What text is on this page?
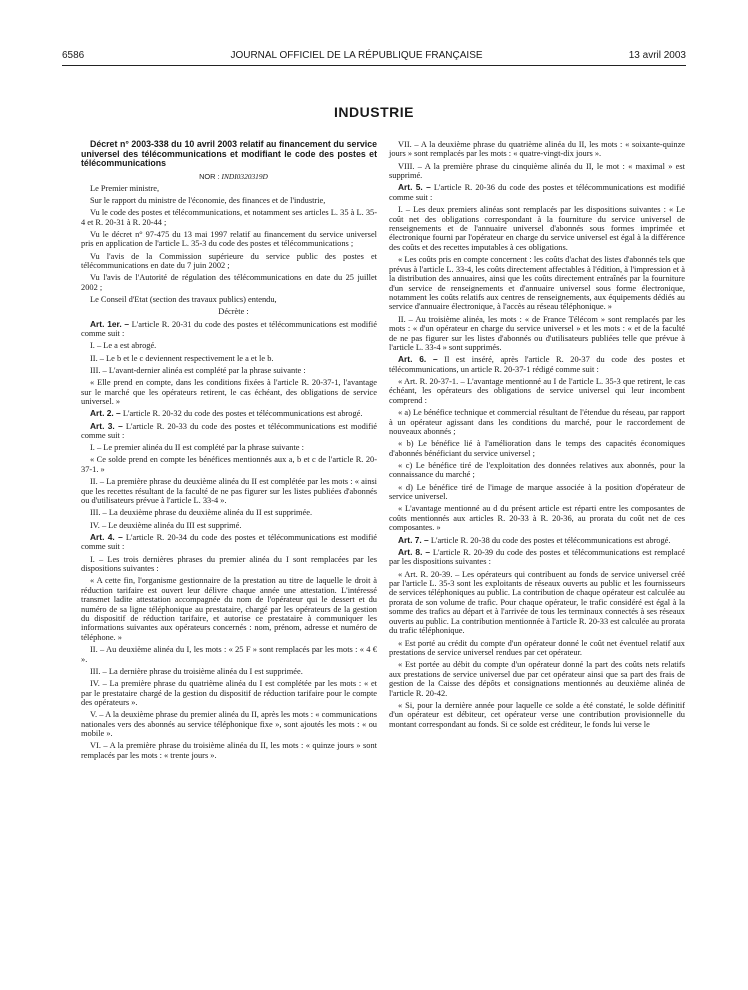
6586	JOURNAL OFFICIEL DE LA RÉPUBLIQUE FRANÇAISE	13 avril 2003
INDUSTRIE

Décret n° 2003-338 du 10 avril 2003 relatif au financement du service universel des télécommunications et modifiant le code des postes et télécommunications

NOR : INDI0320319D

Le Premier ministre,

Sur le rapport du ministre de l'économie, des finances et de l'industrie,

Vu le code des postes et télécommunications, et notamment ses articles L. 35 à L. 35-4 et R. 20-31 à R. 20-44 ;

Vu le décret n° 97-475 du 13 mai 1997 relatif au financement du service universel pris en application de l'article L. 35-3 du code des postes et télécommunications ;

Vu l'avis de la Commission supérieure du service public des postes et télécommunications en date du 7 juin 2002 ;

Vu l'avis de l'Autorité de régulation des télécommunications en date du 25 juillet 2002 ;

Le Conseil d'Etat (section des travaux publics) entendu,

Décrète :

Art. 1er. – L'article R. 20-31 du code des postes et télécommunications est modifié comme suit :

I. – Le a est abrogé.

II. – Le b et le c deviennent respectivement le a et le b.

III. – L'avant-dernier alinéa est complété par la phrase suivante :

« Elle prend en compte, dans les conditions fixées à l'article R. 20-37-1, l'avantage sur le marché que les opérateurs retirent, le cas échéant, des obligations de service universel. »

Art. 2. – L'article R. 20-32 du code des postes et télécommunications est abrogé.

Art. 3. – L'article R. 20-33 du code des postes et télécommunications est modifié comme suit :

I. – Le premier alinéa du II est complété par la phrase suivante :

« Ce solde prend en compte les bénéfices mentionnés aux a, b et c de l'article R. 20-37-1. »

II. – La première phrase du deuxième alinéa du II est complétée par les mots : « ainsi que les recettes résultant de la faculté de ne pas figurer sur les listes publiées d'abonnés ou d'utilisateurs prévue à l'article L. 33-4 ».

III. – La deuxième phrase du deuxième alinéa du II est supprimée.

IV. – Le deuxième alinéa du III est supprimé.

Art. 4. – L'article R. 20-34 du code des postes et télécommunications est modifié comme suit :

I. – Les trois dernières phrases du premier alinéa du I sont remplacées par les dispositions suivantes :

« A cette fin, l'organisme gestionnaire de la prestation au titre de laquelle le droit à réduction tarifaire est ouvert leur délivre chaque année une attestation. L'intéressé transmet ladite attestation accompagnée du nom de l'opérateur qui le dessert et du numéro de sa ligne téléphonique au prestataire, chargé par les opérateurs de la gestion du dispositif de réduction tarifaire, et autorise ce prestataire à communiquer les informations suivantes aux opérateurs concernés : nom, prénom, adresse et numéro de téléphone. »

II. – Au deuxième alinéa du I, les mots : « 25 F » sont remplacés par les mots : « 4 € ».

III. – La dernière phrase du troisième alinéa du I est supprimée.

IV. – La première phrase du quatrième alinéa du I est complétée par les mots : « et par le prestataire chargé de la gestion du dispositif de réduction tarifaire pour le compte des opérateurs ».

V. – A la deuxième phrase du premier alinéa du II, après les mots : « communications nationales vers des abonnés au service téléphonique fixe », sont ajoutés les mots : « ou mobile ».

VI. – A la première phrase du troisième alinéa du II, les mots : « quinze jours » sont remplacés par les mots : « trente jours ».

VII. – A la deuxième phrase du quatrième alinéa du II, les mots : « soixante-quinze jours » sont remplacés par les mots : « quatre-vingt-dix jours ».

VIII. – A la première phrase du cinquième alinéa du II, le mot : « maximal » est supprimé.

Art. 5. – L'article R. 20-36 du code des postes et télécommunications est modifié comme suit :

I. – Les deux premiers alinéas sont remplacés par les dispositions suivantes : « Le coût net des obligations correspondant à la fourniture du service universel de renseignements et de l'annuaire universel d'abonnés sous formes imprimée et électronique fourni par l'opérateur en charge du service universel est égal à la différence des coûts et des recettes imputables à ces obligations.

« Les coûts pris en compte concernent : les coûts d'achat des listes d'abonnés tels que prévus à l'article L. 33-4, les coûts directement affectables à l'édition, à l'impression et à la distribution des annuaires, ainsi que les coûts directement entraînés par la fourniture d'un service de renseignements et d'annuaire universel sous forme électronique, notamment les coûts relatifs aux centres de renseignements, aux équipements dédiés au service d'annuaire électronique, à l'accès au réseau téléphonique. »

II. – Au troisième alinéa, les mots : « de France Télécom » sont remplacés par les mots : « d'un opérateur en charge du service universel » et les mots : « et de la faculté de ne pas figurer sur les listes d'abonnés ou d'utilisateurs publiées telle que prévue à l'article L. 33-4 » sont supprimés.

Art. 6. – Il est inséré, après l'article R. 20-37 du code des postes et télécommunications, un article R. 20-37-1 rédigé comme suit :

« Art. R. 20-37-1. – L'avantage mentionné au I de l'article L. 35-3 que retirent, le cas échéant, les opérateurs des obligations de service universel qui leur incombent comprend :

« a) Le bénéfice technique et commercial résultant de l'étendue du réseau, par rapport à un opérateur agissant dans les conditions du marché, pour le raccordement de nouveaux abonnés ;

« b) Le bénéfice lié à l'amélioration dans le temps des capacités économiques d'abonnés bénéficiant du service universel ;

« c) Le bénéfice tiré de l'exploitation des données relatives aux abonnés, pour la connaissance du marché ;

« d) Le bénéfice tiré de l'image de marque associée à la position d'opérateur de service universel.

« L'avantage mentionné au d du présent article est réparti entre les composantes de coûts mentionnés aux articles R. 20-33 à R. 20-36, au prorata du coût net de ces composantes. »

Art. 7. – L'article R. 20-38 du code des postes et télécommunications est abrogé.

Art. 8. – L'article R. 20-39 du code des postes et télécommunications est remplacé par les dispositions suivantes :

« Art. R. 20-39. – Les opérateurs qui contribuent au fonds de service universel créé par l'article L. 35-3 sont les exploitants de réseaux ouverts au public et les fournisseurs de services téléphoniques au public. La contribution de chaque opérateur est calculée au prorata de son volume de trafic. Pour chaque opérateur, le trafic considéré est égal à la somme des trafics au départ et à l'arrivée de tous les terminaux connectés à ses réseaux ouverts au public. La contribution mentionnée à l'article R. 20-33 est calculée au prorata du trafic téléphonique.

« Est porté au crédit du compte d'un opérateur donné le coût net éventuel relatif aux prestations de service universel rendues par cet opérateur.

« Est portée au débit du compte d'un opérateur donné la part des coûts nets relatifs aux prestations de service universel due par cet opérateur ainsi que sa part des frais de gestion de la Caisse des dépôts et consignations mentionnés au deuxième alinéa de l'article R. 20-42.

« Si, pour la dernière année pour laquelle ce solde a été constaté, le solde définitif d'un opérateur est débiteur, cet opérateur verse une contribution provisionnelle du montant correspondant au fonds. Si ce solde est créditeur, le fonds lui verse le
